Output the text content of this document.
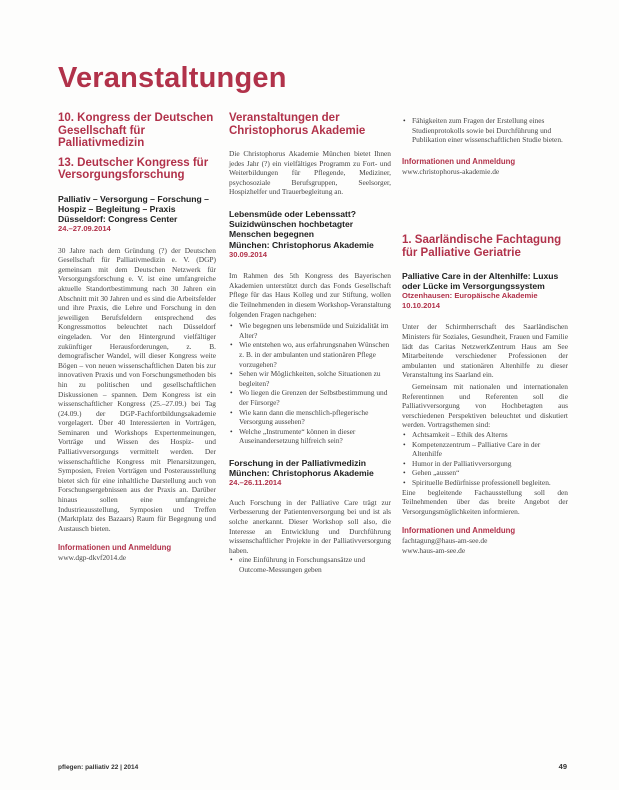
Veranstaltungen
10. Kongress der Deutschen Gesellschaft für Palliativmedizin
13. Deutscher Kongress für Versorgungsforschung
Palliativ – Versorgung – Forschung – Hospiz – Begleitung – Praxis
Düsseldorf: Congress Center
24.–27.09.2014

30 Jahre nach dem Gründung (?) der Deutschen Gesellschaft für Palliativmedizin e. V. (DGP) gemeinsam mit dem Deutschen Netzwerk für Versorgungsforschung e. V. ist eine umfangreiche aktuelle Standortbestimmung nach 30 Jahren ein Abschnitt mit 30 Jahren und es sind die Arbeitsfelder und ihre Praxis, die Lehre und Forschung in den jeweiligen Berufsfeldern entsprechend des Kongressmottos beleuchtet nach Düsseldorf eingeladen. Vor den Hintergrund vielfältiger zukünftiger Herausforderungen, z. B. demografischer Wandel, will dieser Kongress weite Bögen – von neuen wissenschaftlichen Daten bis zur innovativen Praxis und von Forschungsmethoden bis hin zu politischen und gesellschaftlichen Diskussionen – spannen. Dem Kongress ist ein wissenschaftlicher Kongress (25.–27.09.) bei Tag (24.09.) der DGP-Fachfortbildungsakademie vorgelagert. Über 40 Interessierten in Vorträgen, Seminaren und Workshops Expertenmeinungen, Vorträge und Wissen des Hospiz- und Palliativversorgungs vermittelt werden. Der wissenschaftliche Kongress mit Plenarsitzungen, Symposien, Freien Vorträgen und Posterausstellung bietet sich für eine inhaltliche Darstellung auch von Forschungsergebnissen aus der Praxis an. Darüber hinaus sollen eine umfangreiche Industrieausstellung, Symposien und Treffen (Marktplatz des Bazaars) Raum für Begegnung und Austausch bieten.

Informationen und Anmeldung
www.dgp-dkvf2014.de
Veranstaltungen der Christophorus Akademie

Die Christophorus Akademie München bietet Ihnen jedes Jahr (?) ein vielfältiges Programm zu Fort- und Weiterbildungen für Pflegende, Mediziner, psychosoziale Berufsgruppen, Seelsorger, Hospizhelfer und Trauerbegleitung an.

Lebensmüde oder Lebenssatt? Suizidwünschen hochbetagter Menschen begegnen
München: Christophorus Akademie
30.09.2014

Im Rahmen des 5th Kongress des Bayerischen Akademien unterstützt durch das Fonds Gesellschaft Pflege für das Haus Kolleg und zur Stiftung, wollen die Teilnehmenden in diesem Workshop-Veranstaltung folgenden Fragen nachgehen:

• Wie begegnen uns lebensmüde und Suizidalität im Alter?
• Wie entstehen wo, aus erfahrungsnahen Wünschen z. B. in der ambulanten und stationären Pflege vorzugehen?
• Sehen wir Möglichkeiten, solche Situationen zu begleiten?
• Wo liegen die Grenzen der Selbstbestimmung und der Fürsorge?
• Wie kann dann die menschlich-pflegerische Versorgung aussehen?
• Welche „Instrumente“ können in dieser Auseinandersetzung hilfreich sein?
Forschung in der Palliativmedizin
München: Christophorus Akademie
24.–26.11.2014

Auch Forschung in der Palliative Care trägt zur Verbesserung der Patientenversorgung bei und ist als solche anerkannt. Dieser Workshop soll also, die Interesse an Entwicklung und Durchführung wissenschaftlicher Projekte in der Palliativversorgung haben.

• eine Einführung in Forschungsansätze und Outcome-Messungen geben
• Fähigkeiten zum Fragen der Erstellung eines Studienprotokolls sowie bei Durchführung und Publikation einer wissenschaftlichen Studie bieten.
Informationen und Anmeldung
www.christophorus-akademie.de
1. Saarländische Fachtagung für Palliative Geriatrie
Palliative Care in der Altenhilfe: Luxus oder Lücke im Versorgungssystem
Otzenhausen: Europäische Akademie
10.10.2014

Unter der Schirmherrschaft des Saarländischen Ministers für Soziales, Gesundheit, Frauen und Familie lädt das Caritas NetzwerkZentrum Haus am See Mitarbeitende verschiedener Professionen der ambulanten und stationären Altenhilfe zu dieser Veranstaltung ins Saarland ein.

Gemeinsam mit nationalen und internationalen Referentinnen und Referenten soll die Palliativversorgung von Hochbetagten aus verschiedenen Perspektiven beleuchtet und diskutiert werden. Vortragsthemen sind:

• Achtsamkeit – Ethik des Alterns
• Kompetenzzentrum – Palliative Care in der Altenhilfe
• Humor in der Palliativversorgung
• Gehen „aussen“
• Spirituelle Bedürfnisse professionell begleiten.

Eine begleitende Fachausstellung soll den Teilnehmenden über das breite Angebot der Versorgungsmöglichkeiten informieren.

Informationen und Anmeldung
fachtagung@haus-am-see.de
www.haus-am-see.de
pflegen: palliativ 22 | 2014	49
